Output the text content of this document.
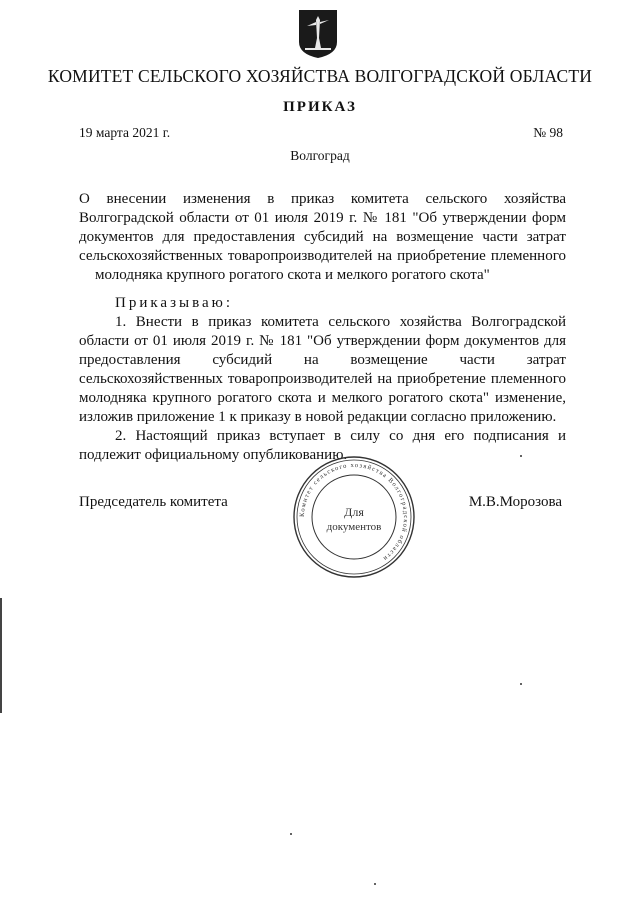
КОМИТЕТ СЕЛЬСКОГО ХОЗЯЙСТВА ВОЛГОГРАДСКОЙ ОБЛАСТИ
ПРИКАЗ
19 марта 2021 г.	№ 98
Волгоград
О внесении изменения в приказ комитета сельского хозяйства
Волгоградской области от 01 июля 2019 г. № 181 "Об утверждении форм
документов для предоставления субсидий на возмещение части затрат
сельскохозяйственных товаропроизводителей на приобретение племенного
молодняка крупного рогатого скота и мелкого рогатого скота"
Приказываю:
1. Внести в приказ комитета сельского хозяйства Волгоградской
области от 01 июля 2019 г. № 181 "Об утверждении форм документов для
предоставления субсидий на возмещение части затрат
сельскохозяйственных товаропроизводителей на приобретение племенного
молодняка крупного рогатого скота и мелкого рогатого скота" изменение,
изложив приложение 1 к приказу в новой редакции согласно приложению.
2. Настоящий приказ вступает в силу со дня его подписания и
подлежит официальному опубликованию.
Председатель комитета	М.В.Морозова
Комитет сельского хозяйства Волгоградской области
Для
документов
